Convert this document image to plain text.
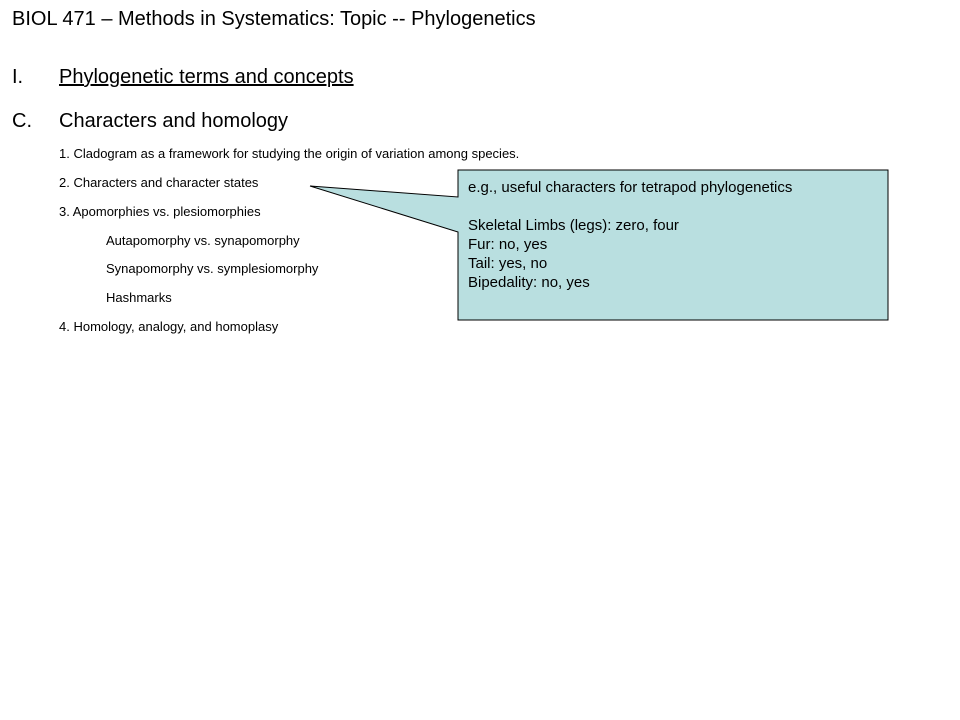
BIOL 471 – Methods in Systematics: Topic -- Phylogenetics
I. Phylogenetic terms and concepts
C. Characters and homology
1. Cladogram as a framework for studying the origin of variation among species.
2. Characters and character states
3. Apomorphies vs. plesiomorphies
Autapomorphy vs. synapomorphy
Synapomorphy vs. symplesiomorphy
Hashmarks
4. Homology, analogy, and homoplasy
e.g., useful characters for tetrapod phylogenetics
Skeletal Limbs (legs): zero, four
Fur: no, yes
Tail: yes, no
Bipedality: no, yes
